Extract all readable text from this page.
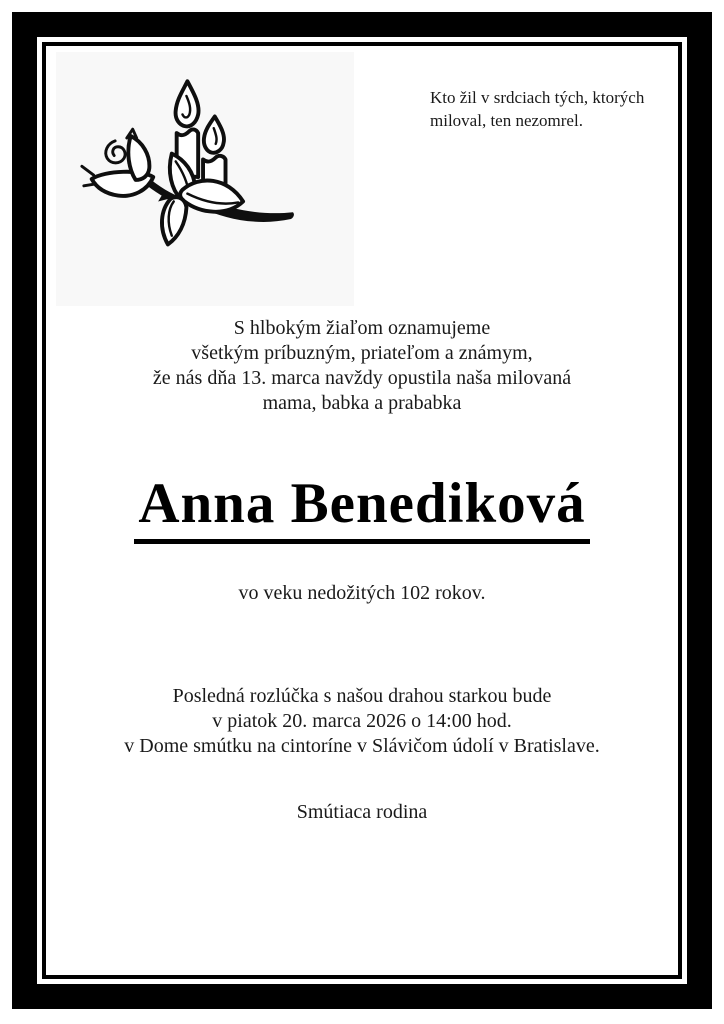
Kto žil v srdciach tých, ktorých
miloval, ten nezomrel.
S hlbokým žiaľom oznamujeme
všetkým príbuzným, priateľom a známym,
že nás dňa 13. marca navždy opustila naša milovaná
mama, babka a prababka
Anna Benediková
vo veku nedožitých 102 rokov.
Posledná rozlúčka s našou drahou starkou bude
v piatok 20. marca 2026 o 14:00 hod.
v Dome smútku na cintoríne v Slávičom údolí v Bratislave.
Smútiaca rodina
